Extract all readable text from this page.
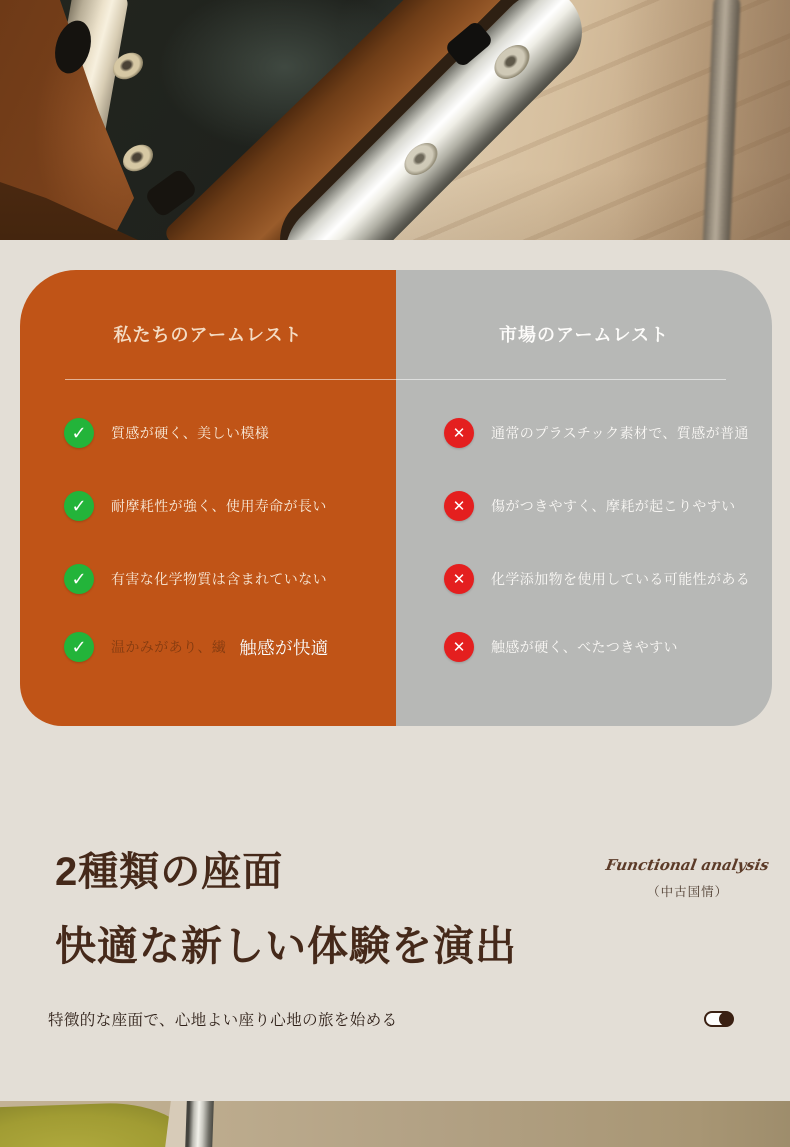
私たちのアームレスト
✓ 質感が硬く、美しい模様
✓ 耐摩耗性が強く、使用寿命が長い
✓ 有害な化学物質は含まれていない
✓ 温かみがあり、繊 触感が快適
市場のアームレスト
✕ 通常のプラスチック素材で、質感が普通
✕ 傷がつきやすく、摩耗が起こりやすい
✕ 化学添加物を使用している可能性がある
✕ 触感が硬く、べたつきやすい
2種類の座面
快適な新しい体験を演出
Functional analysis
（中古国情）
特徴的な座面で、心地よい座り心地の旅を始める
